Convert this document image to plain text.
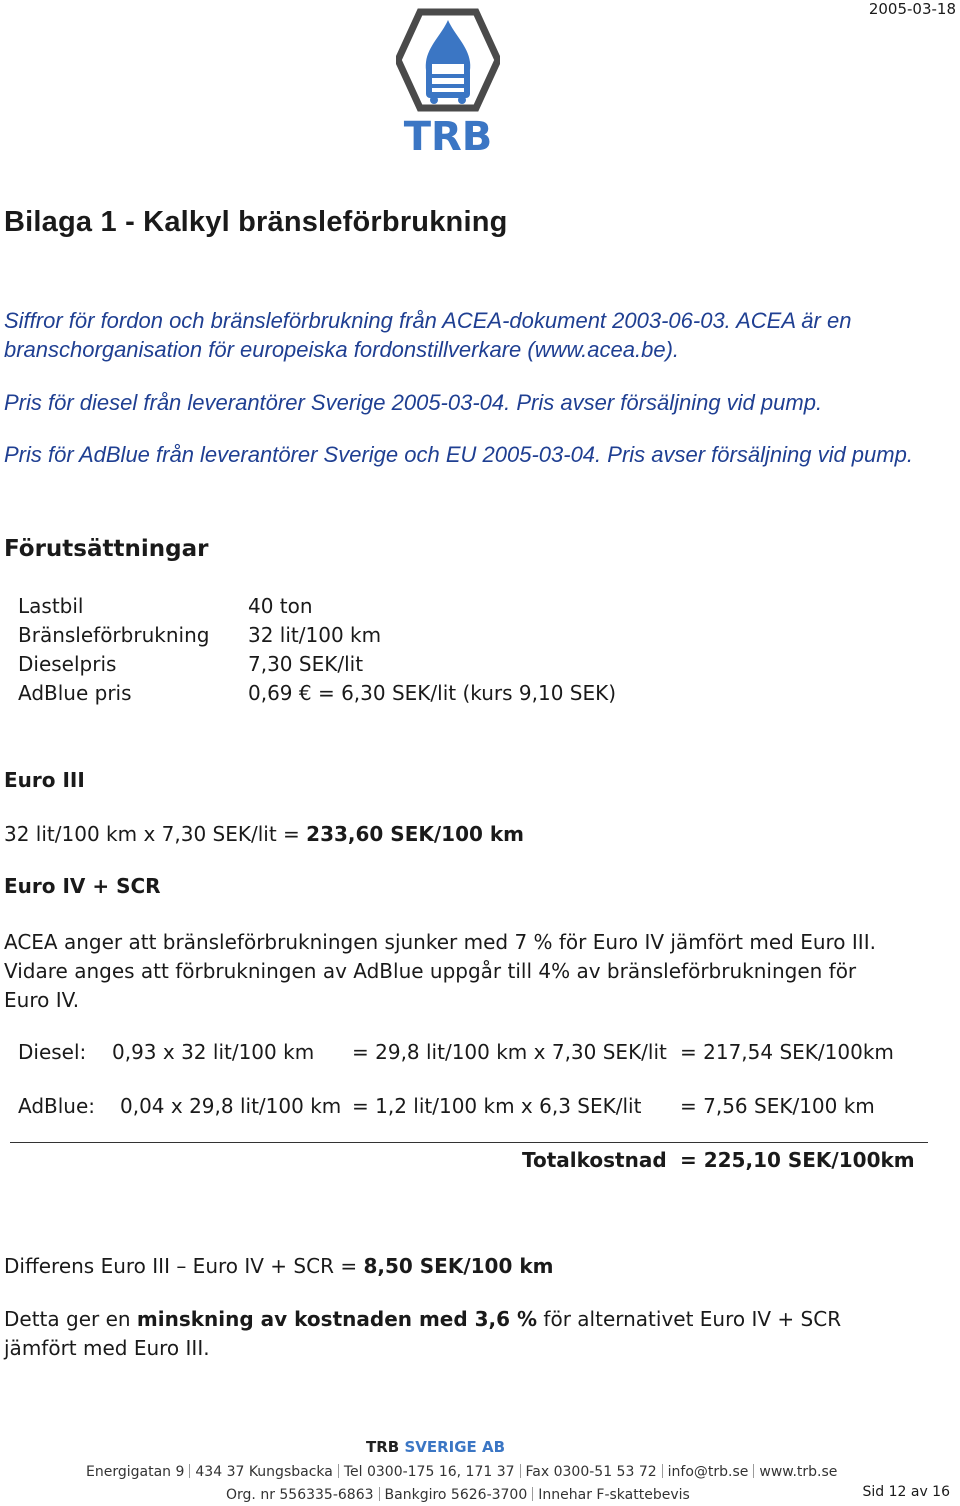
2005-03-18
TRB
Bilaga 1 - Kalkyl bränsleförbrukning
Siffror för fordon och bränsleförbrukning från ACEA-dokument 2003-06-03. ACEA är en branschorganisation för europeiska fordonstillverkare (www.acea.be).
Pris för diesel från leverantörer Sverige 2005-03-04. Pris avser försäljning vid pump.
Pris för AdBlue från leverantörer Sverige och EU 2005-03-04. Pris avser försäljning vid pump.
Förutsättningar
Lastbil	40 ton
Bränsleförbrukning 32 lit/100 km
Dieselpris	7,30 SEK/lit
AdBlue pris	0,69 € = 6,30 SEK/lit (kurs 9,10 SEK)
Euro III
32 lit/100 km x 7,30 SEK/lit = 233,60 SEK/100 km
Euro IV + SCR
ACEA anger att bränsleförbrukningen sjunker med 7 % för Euro IV jämfört med Euro III. Vidare anges att förbrukningen av AdBlue uppgår till 4% av bränsleförbrukningen för Euro IV.
Diesel: 0,93 x 32 lit/100 km = 29,8 lit/100 km x 7,30 SEK/lit = 217,54 SEK/100km
AdBlue: 0,04 x 29,8 lit/100 km = 1,2 lit/100 km x 6,3 SEK/lit = 7,56 SEK/100 km
Totalkostnad = 225,10 SEK/100km
Differens Euro III – Euro IV + SCR = 8,50 SEK/100 km
Detta ger en minskning av kostnaden med 3,6 % för alternativet Euro IV + SCR jämfört med Euro III.
TRB SVERIGE AB
Energigatan 9 434 37 Kungsbacka Tel 0300-175 16, 171 37 Fax 0300-51 53 72 info@trb.se www.trb.se
Org. nr 556335-6863 Bankgiro 5626-3700 Innehar F-skattebevis	Sid 12 av 16
